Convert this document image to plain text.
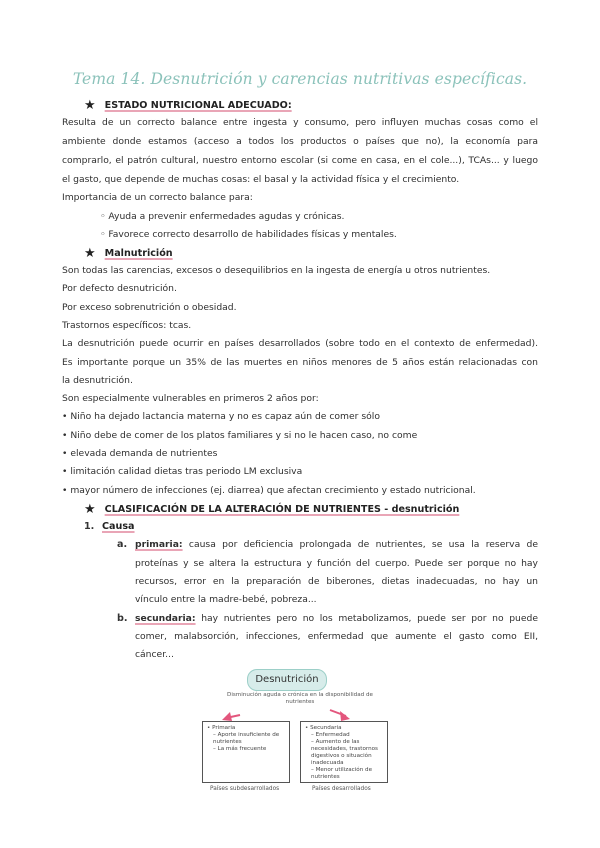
Tema 14. Desnutrición y carencias nutritivas específicas.
★ ESTADO NUTRICIONAL ADECUADO:
Resulta de un correcto balance entre ingesta y consumo, pero influyen muchas cosas como el
ambiente donde estamos (acceso a todos los productos o países que no), la economía para
comprarlo, el patrón cultural, nuestro entorno escolar (si come en casa, en el cole...), TCAs... y luego
el gasto, que depende de muchas cosas: el basal y la actividad física y el crecimiento.
Importancia de un correcto balance para:
◦ Ayuda a prevenir enfermedades agudas y crónicas.
◦ Favorece correcto desarrollo de habilidades físicas y mentales.
★ Malnutrición
Son todas las carencias, excesos o desequilibrios en la ingesta de energía u otros nutrientes.
Por defecto desnutrición.
Por exceso sobrenutrición o obesidad.
Trastornos específicos: tcas.
La desnutrición puede ocurrir en países desarrollados (sobre todo en el contexto de enfermedad).
Es importante porque un 35% de las muertes en niños menores de 5 años están relacionadas con
la desnutrición.
Son especialmente vulnerables en primeros 2 años por:
• Niño ha dejado lactancia materna y no es capaz aún de comer sólo
• Niño debe de comer de los platos familiares y si no le hacen caso, no come
• elevada demanda de nutrientes
• limitación calidad dietas tras periodo LM exclusiva
• mayor número de infecciones (ej. diarrea) que afectan crecimiento y estado nutricional.
★ CLASIFICACIÓN DE LA ALTERACIÓN DE NUTRIENTES - desnutrición
1. Causa
a. primaria: causa por deficiencia prolongada de nutrientes, se usa la reserva de
proteínas y se altera la estructura y función del cuerpo. Puede ser porque no hay
recursos, error en la preparación de biberones, dietas inadecuadas, no hay un
vínculo entre la madre-bebé, pobreza...
b. secundaria: hay nutrientes pero no los metabolizamos, puede ser por no puede
comer, malabsorción, infecciones, enfermedad que aumente el gasto como EII,
cáncer...
Desnutrición
Disminución aguda o crónica en la disponibilidad de
nutrientes
• Primaria
– Aporte insuficiente de nutrientes
– La más frecuente
• Secundaria
– Enfermedad
– Aumento de las necesidades, trastornos digestivos o situación inadecuada
– Menor utilización de nutrientes
Países subdesarrollados	Países desarrollados
